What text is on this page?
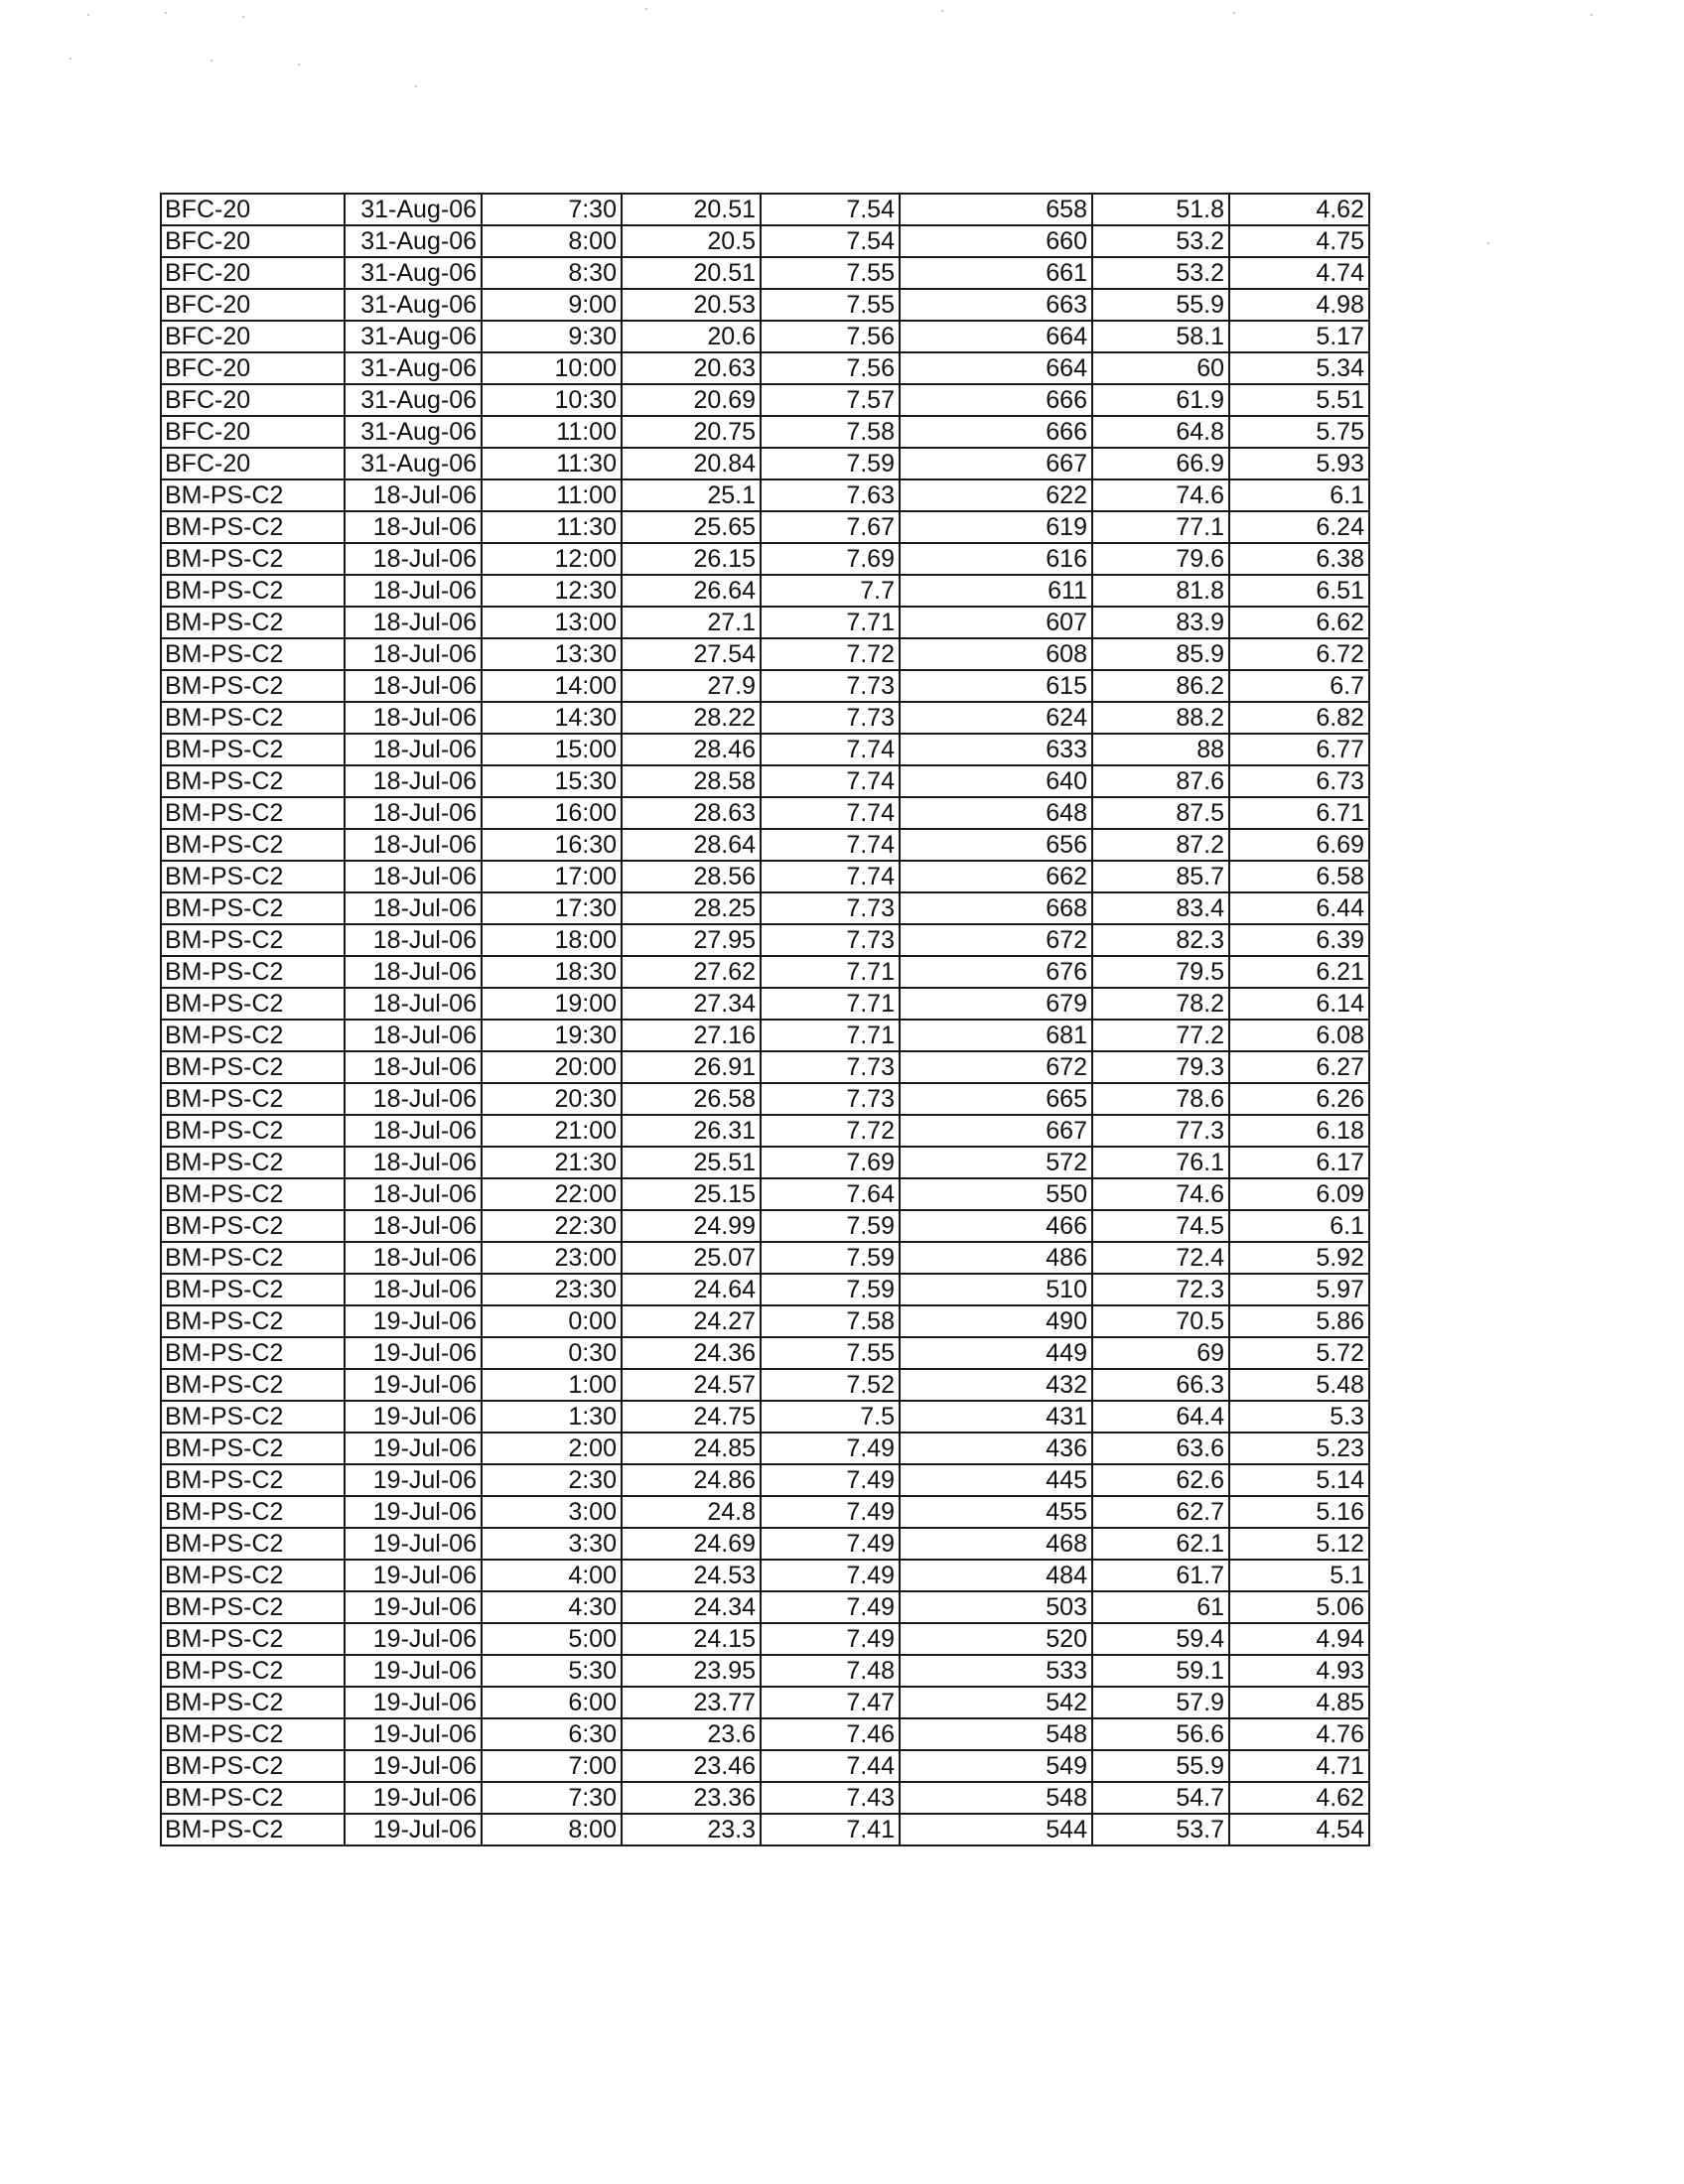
BFC-20	31-Aug-06	7:30	20.51	7.54	658	51.8	4.62
BFC-20	31-Aug-06	8:00	20.5	7.54	660	53.2	4.75
BFC-20	31-Aug-06	8:30	20.51	7.55	661	53.2	4.74
BFC-20	31-Aug-06	9:00	20.53	7.55	663	55.9	4.98
BFC-20	31-Aug-06	9:30	20.6	7.56	664	58.1	5.17
BFC-20	31-Aug-06	10:00	20.63	7.56	664	60	5.34
BFC-20	31-Aug-06	10:30	20.69	7.57	666	61.9	5.51
BFC-20	31-Aug-06	11:00	20.75	7.58	666	64.8	5.75
BFC-20	31-Aug-06	11:30	20.84	7.59	667	66.9	5.93
BM-PS-C2	18-Jul-06	11:00	25.1	7.63	622	74.6	6.1
BM-PS-C2	18-Jul-06	11:30	25.65	7.67	619	77.1	6.24
BM-PS-C2	18-Jul-06	12:00	26.15	7.69	616	79.6	6.38
BM-PS-C2	18-Jul-06	12:30	26.64	7.7	611	81.8	6.51
BM-PS-C2	18-Jul-06	13:00	27.1	7.71	607	83.9	6.62
BM-PS-C2	18-Jul-06	13:30	27.54	7.72	608	85.9	6.72
BM-PS-C2	18-Jul-06	14:00	27.9	7.73	615	86.2	6.7
BM-PS-C2	18-Jul-06	14:30	28.22	7.73	624	88.2	6.82
BM-PS-C2	18-Jul-06	15:00	28.46	7.74	633	88	6.77
BM-PS-C2	18-Jul-06	15:30	28.58	7.74	640	87.6	6.73
BM-PS-C2	18-Jul-06	16:00	28.63	7.74	648	87.5	6.71
BM-PS-C2	18-Jul-06	16:30	28.64	7.74	656	87.2	6.69
BM-PS-C2	18-Jul-06	17:00	28.56	7.74	662	85.7	6.58
BM-PS-C2	18-Jul-06	17:30	28.25	7.73	668	83.4	6.44
BM-PS-C2	18-Jul-06	18:00	27.95	7.73	672	82.3	6.39
BM-PS-C2	18-Jul-06	18:30	27.62	7.71	676	79.5	6.21
BM-PS-C2	18-Jul-06	19:00	27.34	7.71	679	78.2	6.14
BM-PS-C2	18-Jul-06	19:30	27.16	7.71	681	77.2	6.08
BM-PS-C2	18-Jul-06	20:00	26.91	7.73	672	79.3	6.27
BM-PS-C2	18-Jul-06	20:30	26.58	7.73	665	78.6	6.26
BM-PS-C2	18-Jul-06	21:00	26.31	7.72	667	77.3	6.18
BM-PS-C2	18-Jul-06	21:30	25.51	7.69	572	76.1	6.17
BM-PS-C2	18-Jul-06	22:00	25.15	7.64	550	74.6	6.09
BM-PS-C2	18-Jul-06	22:30	24.99	7.59	466	74.5	6.1
BM-PS-C2	18-Jul-06	23:00	25.07	7.59	486	72.4	5.92
BM-PS-C2	18-Jul-06	23:30	24.64	7.59	510	72.3	5.97
BM-PS-C2	19-Jul-06	0:00	24.27	7.58	490	70.5	5.86
BM-PS-C2	19-Jul-06	0:30	24.36	7.55	449	69	5.72
BM-PS-C2	19-Jul-06	1:00	24.57	7.52	432	66.3	5.48
BM-PS-C2	19-Jul-06	1:30	24.75	7.5	431	64.4	5.3
BM-PS-C2	19-Jul-06	2:00	24.85	7.49	436	63.6	5.23
BM-PS-C2	19-Jul-06	2:30	24.86	7.49	445	62.6	5.14
BM-PS-C2	19-Jul-06	3:00	24.8	7.49	455	62.7	5.16
BM-PS-C2	19-Jul-06	3:30	24.69	7.49	468	62.1	5.12
BM-PS-C2	19-Jul-06	4:00	24.53	7.49	484	61.7	5.1
BM-PS-C2	19-Jul-06	4:30	24.34	7.49	503	61	5.06
BM-PS-C2	19-Jul-06	5:00	24.15	7.49	520	59.4	4.94
BM-PS-C2	19-Jul-06	5:30	23.95	7.48	533	59.1	4.93
BM-PS-C2	19-Jul-06	6:00	23.77	7.47	542	57.9	4.85
BM-PS-C2	19-Jul-06	6:30	23.6	7.46	548	56.6	4.76
BM-PS-C2	19-Jul-06	7:00	23.46	7.44	549	55.9	4.71
BM-PS-C2	19-Jul-06	7:30	23.36	7.43	548	54.7	4.62
BM-PS-C2	19-Jul-06	8:00	23.3	7.41	544	53.7	4.54
